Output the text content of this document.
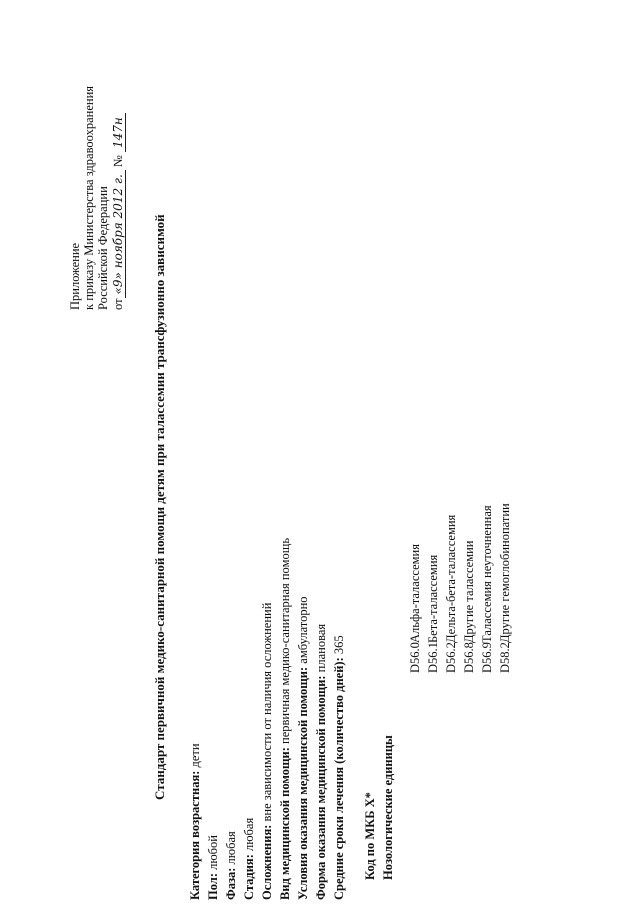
Приложение к приказу Министерства здравоохранения Российской Федерации от«9» ноября 2012 г. № 147н
Стандарт первичной медико-санитарной помощи детям при талассемии трансфузионно зависимой
Категория возрастная: дети
Пол: любой
Фаза: любая
Стадия: любая Осложнения: вне зависимости от наличия осложнений Вид медицинской помощи: первичная медико-санитарная помощь
Условия оказания медицинской помощи: амбулаторно
Форма оказания медицинской помощи: плановая
Средние сроки лечения (количество дней): 365
Код по МКБ X* Нозологические единицы
D56.0Альфа-талассемия
D56.1Бета-талассемия
D56.2Дельта-бета-талассемия
D56.8Другие талассемии
D56.9Талассемия неуточненная
D58.2Другие гемоглобинопатии
